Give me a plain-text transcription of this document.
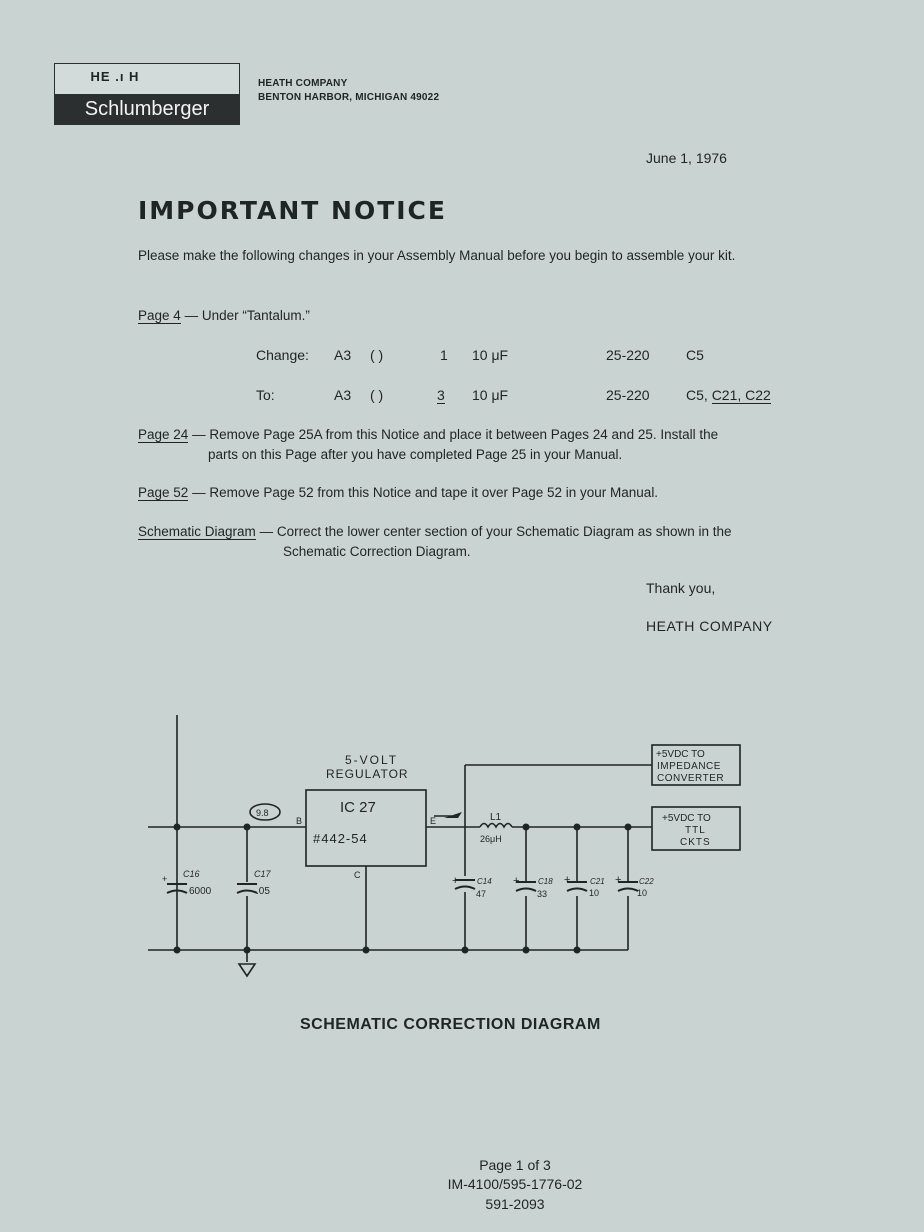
HE .ı H
Schlumberger
HEATH COMPANY
BENTON HARBOR, MICHIGAN 49022
June 1, 1976
IMPORTANT NOTICE
Please make the following changes in your Assembly Manual before you begin to assemble your kit.
Page 4 — Under “Tantalum.”
Change: A3 ( )	1 10 μF	25-220	C5
To:	A3 ( )	3 10 μF	25-220	C5, C21, C22
Page 24 — Remove Page 25A from this Notice and place it between Pages 24 and 25. Install the
parts on this Page after you have completed Page 25 in your Manual.
Page 52 — Remove Page 52 from this Notice and tape it over Page 52 in your Manual.
Schematic Diagram — Correct the lower center section of your Schematic Diagram as shown in the
Schematic Correction Diagram.
Thank you,
HEATH COMPANY
5-VOLT
REGULATOR
IC 27
#442-54
B	E
C
9.8	L1
26μH
+5VDC TO
IMPEDANCE
CONVERTER
+5VDC TO
TTL
CKTS
+ C16
6000
C17
.05
+ C14
47
+ C18
33
+ C21
10
+ C22
10
SCHEMATIC CORRECTION DIAGRAM
Page 1 of 3
IM-4100/595-1776-02
591-2093
